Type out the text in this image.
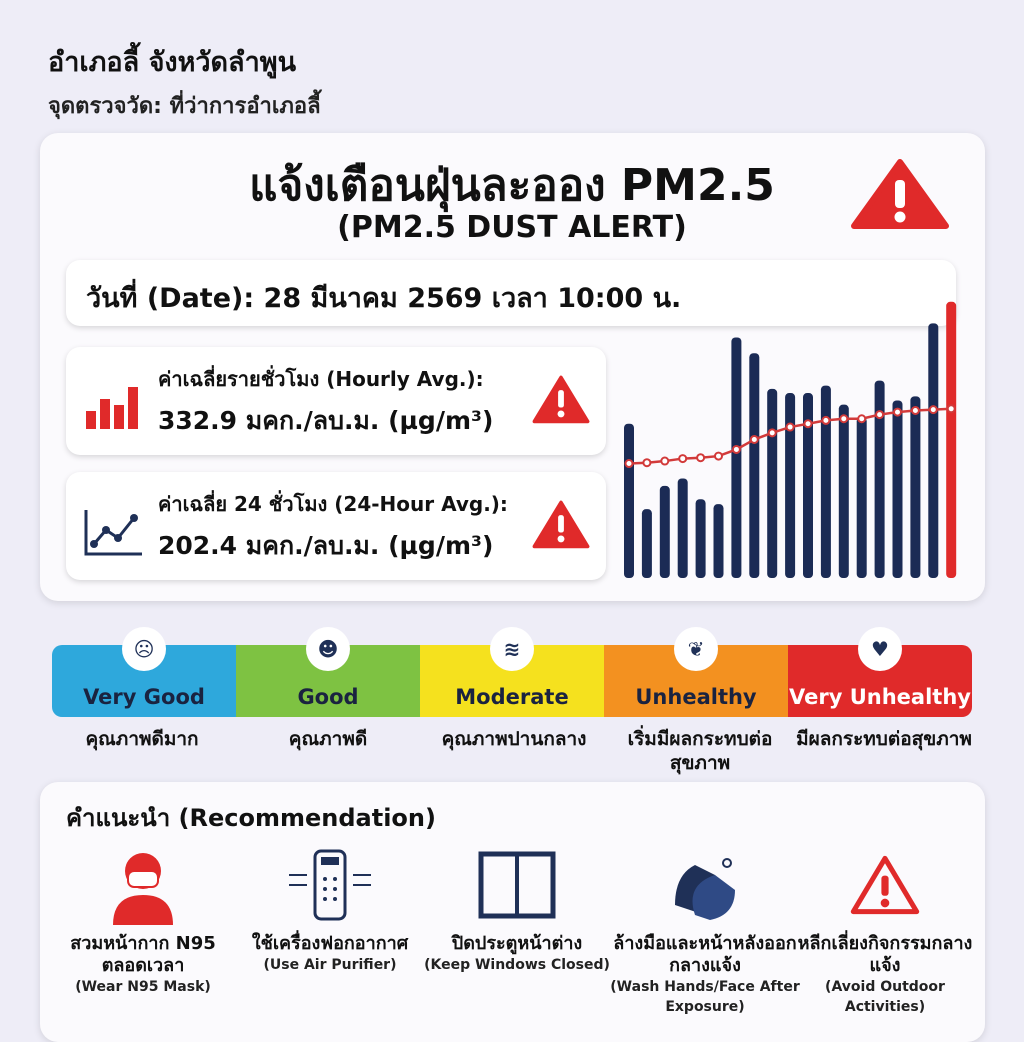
อำเภอลี้ จังหวัดลำพูน
จุดตรวจวัด: ที่ว่าการอำเภอลี้
แจ้งเตือนฝุ่นละออง PM2.5
(PM2.5 DUST ALERT)
วันที่ (Date): 28 มีนาคม 2569 เวลา 10:00 น.
ค่าเฉลี่ยรายชั่วโมง (Hourly Avg.):
332.9 มคก./ลบ.ม. (µg/m³)
ค่าเฉลี่ย 24 ชั่วโมง (24-Hour Avg.):
202.4 มคก./ลบ.ม. (µg/m³)
☹
Very Good
☻
Good
≋
Moderate
❦
Unhealthy
♥
Very Unhealthy
คำแนะนำ (Recommendation)
สวมหน้ากาก N95 ตลอดเวลา
(Wear N95 Mask)
ใช้เครื่องฟอกอากาศ
(Use Air Purifier)
ปิดประตูหน้าต่าง
(Keep Windows Closed)
ล้างมือและหน้าหลังออกกลางแจ้ง
(Wash Hands/Face After Exposure)
หลีกเลี่ยงกิจกรรมกลางแจ้ง
(Avoid Outdoor Activities)
คุณภาพดีมาก	คุณภาพดี	คุณภาพปานกลาง	เริ่มมีผลกระทบต่อสุขภาพ
มีผลกระทบต่อสุขภาพ
